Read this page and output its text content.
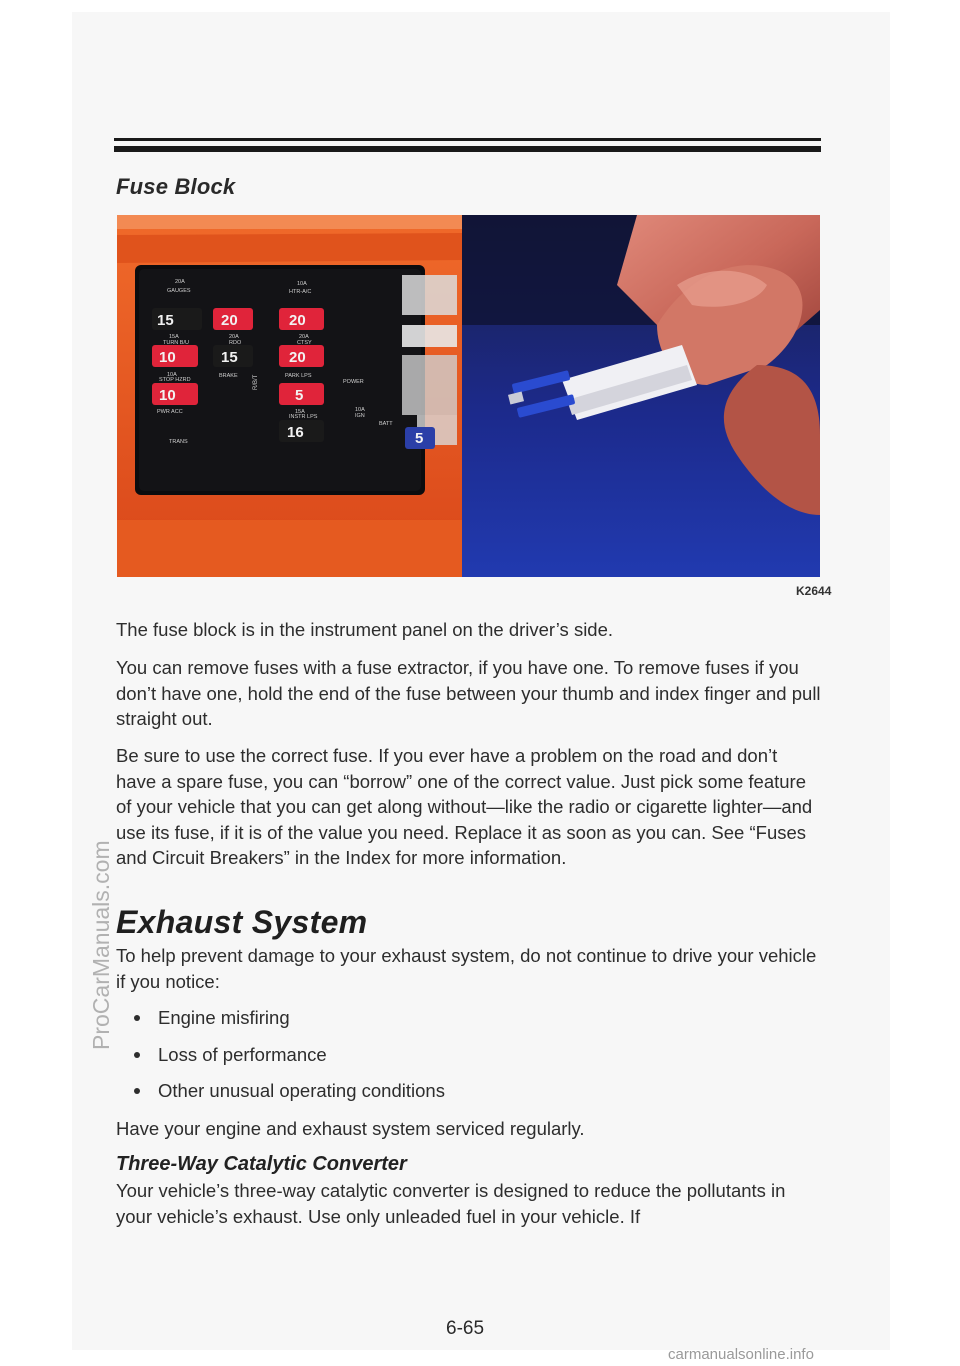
Fuse Block
15	20	20
10	15	20
10	5
16	5
20A
GAUGES
10A
HTR-A/C
15A
TURN B/U
20A
RDO
20A
CTSY
10A
STOP HZRD
BRAKE	PARK LPS
POWER
PWR ACC	15A
INSTR LPS
10A
IGN
BATT
TRANS
R/B/T
K2644

The fuse block is in the instrument panel on the driver’s side.

You can remove fuses with a fuse extractor, if you have one. To remove fuses if you don’t have one, hold the end of the fuse between your thumb and index finger and pull straight out.

Be sure to use the correct fuse. If you ever have a problem on the road and don’t have a spare fuse, you can “borrow” one of the correct value. Just pick some feature of your vehicle that you can get along without—like the radio or cigarette lighter—and use its fuse, if it is of the value you need. Replace it as soon as you can. See “Fuses and Circuit Breakers” in the Index for more information.

Exhaust System

To help prevent damage to your exhaust system, do not continue to drive your vehicle if you notice:

Engine misfiring
Loss of performance
Other unusual operating conditions

Have your engine and exhaust system serviced regularly.

Three-Way Catalytic Converter

Your vehicle’s three-way catalytic converter is designed to reduce the pollutants in your vehicle’s exhaust. Use only unleaded fuel in your vehicle. If

6-65
ProCarManuals.com
carmanualsonline.info
